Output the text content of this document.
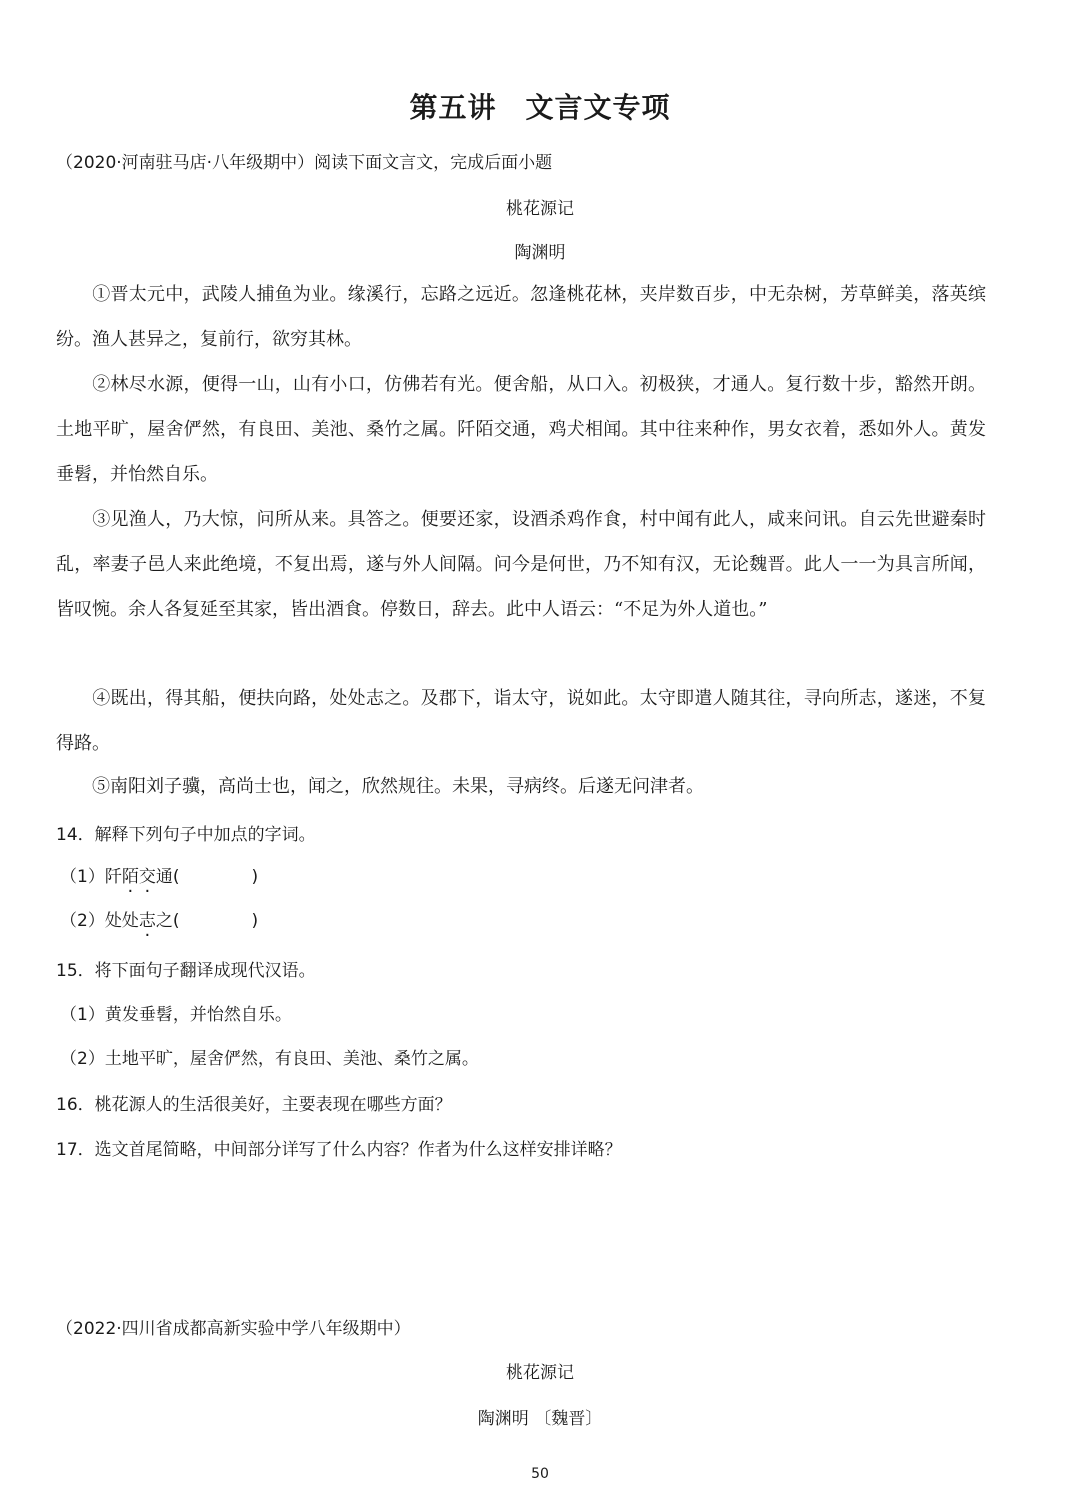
第五讲　文言文专项
（2020·河南驻马店·八年级期中）阅读下面文言文，完成后面小题
桃花源记
陶渊明
①晋太元中，武陵人捕鱼为业。缘溪行，忘路之远近。忽逢桃花林，夹岸数百步，中无杂树，芳草鲜美，落英缤纷。渔人甚异之，复前行，欲穷其林。
②林尽水源，便得一山，山有小口，仿佛若有光。便舍船，从口入。初极狭，才通人。复行数十步，豁然开朗。土地平旷，屋舍俨然，有良田、美池、桑竹之属。阡陌交通，鸡犬相闻。其中往来种作，男女衣着，悉如外人。黄发垂髫，并怡然自乐。
③见渔人，乃大惊，问所从来。具答之。便要还家，设酒杀鸡作食，村中闻有此人，咸来问讯。自云先世避秦时乱，率妻子邑人来此绝境，不复出焉，遂与外人间隔。问今是何世，乃不知有汉，无论魏晋。此人一一为具言所闻，皆叹惋。余人各复延至其家，皆出酒食。停数日，辞去。此中人语云：“不足为外人道也。”
④既出，得其船，便扶向路，处处志之。及郡下，诣太守，说如此。太守即遣人随其往，寻向所志，遂迷，不复得路。
⑤南阳刘子骥，高尚士也，闻之，欣然规往。未果，寻病终。后遂无问津者。
14．解释下列句子中加点的字词。
（1）阡陌交通(	)
（2）处处志之(	)
15．将下面句子翻译成现代汉语。
（1）黄发垂髫，并怡然自乐。
（2）土地平旷，屋舍俨然，有良田、美池、桑竹之属。
16．桃花源人的生活很美好，主要表现在哪些方面？
17．选文首尾简略，中间部分详写了什么内容？作者为什么这样安排详略？
（2022·四川省成都高新实验中学八年级期中）
桃花源记
陶渊明 〔魏晋〕
50
